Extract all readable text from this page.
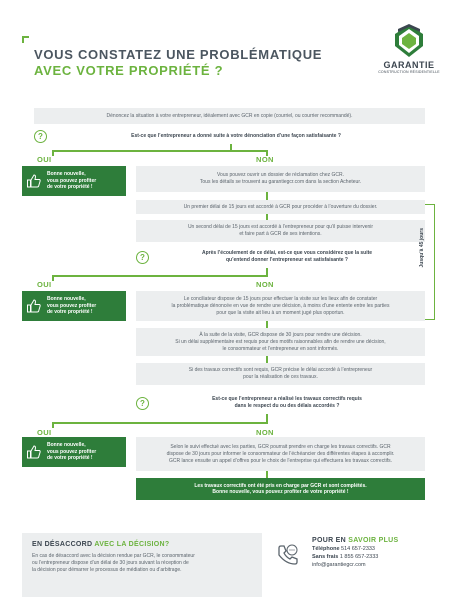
VOUS CONSTATEZ UNE PROBLÉMATIQUE
AVEC VOTRE PROPRIÉTÉ ?	GARANTIE
CONSTRUCTION RÉSIDENTIELLE
Dénoncez la situation à votre entrepreneur, idéalement avec GCR en copie (courriel, ou courrier recommandé).
?	Est-ce que l’entrepreneur a donné suite à votre dénonciation d’une façon satisfaisante ?
OUI	NON
Bonne nouvelle,
vous pouvez profiter
de votre propriété !
Vous pouvez ouvrir un dossier de réclamation chez GCR.
Tous les détails se trouvent au garantiegcr.com dans la section Acheteur.
Un premier délai de 15 jours est accordé à GCR pour procéder à l’ouverture du dossier.
Un second délai de 15 jours est accordé à l’entrepreneur pour qu’il puisse intervenir
et faire part à GCR de ses intentions.
?	Après l’écoulement de ce délai, est-ce que vous considérez que la suite
qu’entend donner l’entrepreneur est satisfaisante ?
OUI	NON
Jusqu’à 45 jours
Bonne nouvelle,
vous pouvez profiter
de votre propriété !
Le conciliateur dispose de 15 jours pour effectuer la visite sur les lieux afin de constater
la problématique dénoncée en vue de rendre une décision, à moins d’une entente entre les parties
pour que la visite ait lieu à un moment jugé plus opportun.
À la suite de la visite, GCR dispose de 30 jours pour rendre une décision.
Si un délai supplémentaire est requis pour des motifs raisonnables afin de rendre une décision,
le consommateur et l’entrepreneur en sont informés.
Si des travaux correctifs sont requis, GCR précise le délai accordé à l’entrepreneur
pour la réalisation de ces travaux.
?	Est-ce que l’entrepreneur a réalisé les travaux correctifs requis
dans le respect du ou des délais accordés ?
OUI	NON
Bonne nouvelle,
vous pouvez profiter
de votre propriété !
Selon le suivi effectué avec les parties, GCR pourrait prendre en charge les travaux correctifs. GCR
dispose de 30 jours pour informer le consommateur de l’échéancier des différentes étapes à accomplir.
GCR lance ensuite un appel d’offres pour le choix de l’entreprise qui effectuera les travaux correctifs.
Les travaux correctifs ont été pris en charge par GCR et sont complétés.
Bonne nouvelle, vous pouvez profiter de votre propriété !
EN DÉSACCORD AVEC LA DÉCISION?
En cas de désaccord avec la décision rendue par GCR, le consommateur
ou l’entrepreneur dispose d’un délai de 30 jours suivant la réception de
la décision pour démarrer le processus de médiation ou d’arbitrage.
POUR EN SAVOIR PLUS
Téléphone 514 657-2333
Sans frais 1 855 657-2333
info@garantiegcr.com
